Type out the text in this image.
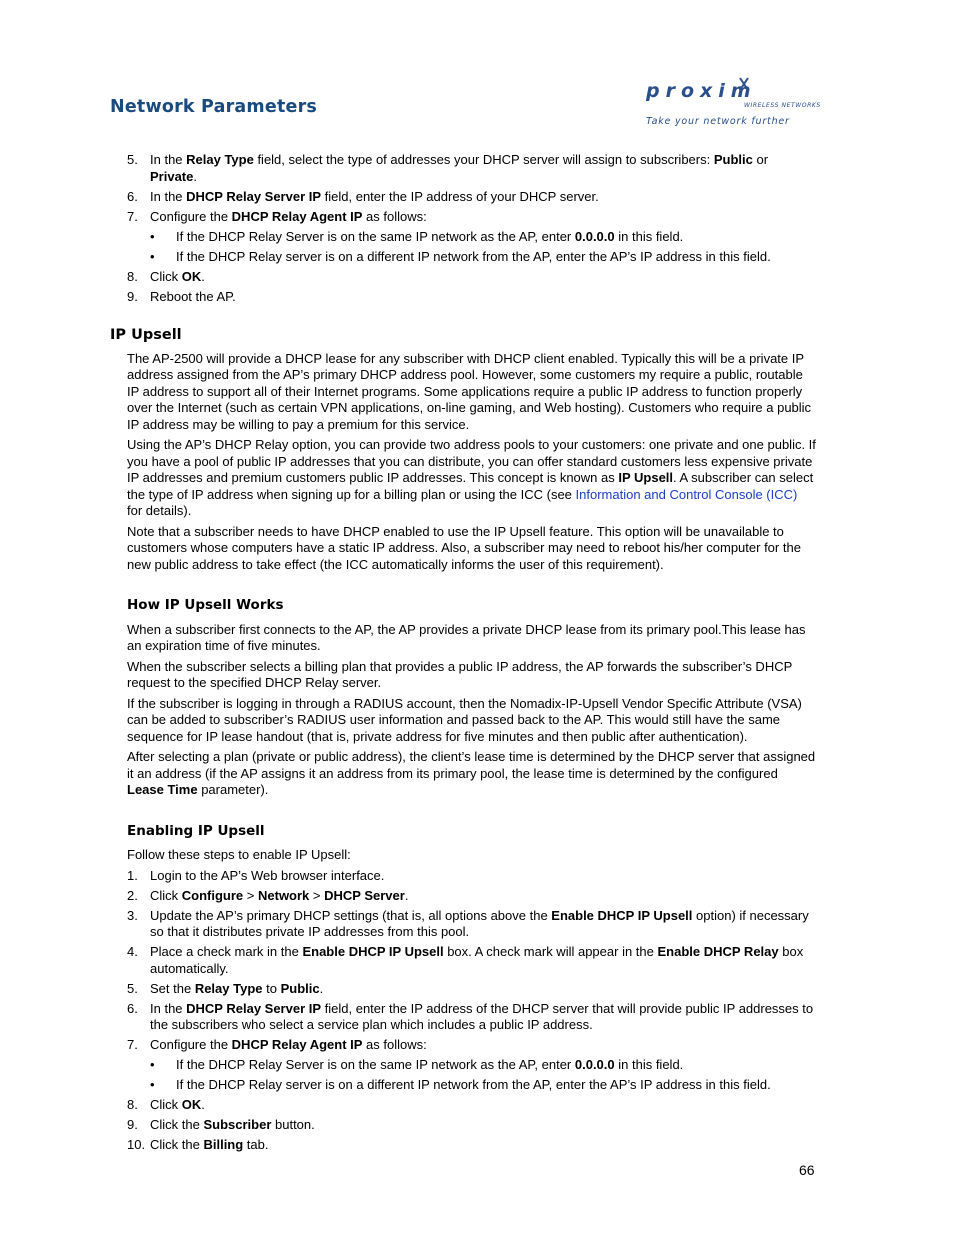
Network Parameters
proxim
WIRELESS NETWORKS
Take your network further
5. In the Relay Type field, select the type of addresses your DHCP server will assign to subscribers: Public or Private.
6. In the DHCP Relay Server IP field, enter the IP address of your DHCP server.
7. Configure the DHCP Relay Agent IP as follows:
• If the DHCP Relay Server is on the same IP network as the AP, enter 0.0.0.0 in this field.
• If the DHCP Relay server is on a different IP network from the AP, enter the AP’s IP address in this field.
8. Click OK.
9. Reboot the AP.
IP Upsell

The AP-2500 will provide a DHCP lease for any subscriber with DHCP client enabled. Typically this will be a private IP address assigned from the AP’s primary DHCP address pool. However, some customers my require a public, routable IP address to support all of their Internet programs. Some applications require a public IP address to function properly over the Internet (such as certain VPN applications, on-line gaming, and Web hosting). Customers who require a public IP address may be willing to pay a premium for this service.

Using the AP’s DHCP Relay option, you can provide two address pools to your customers: one private and one public. If you have a pool of public IP addresses that you can distribute, you can offer standard customers less expensive private IP addresses and premium customers public IP addresses. This concept is known as IP Upsell. A subscriber can select the type of IP address when signing up for a billing plan or using the ICC (see Information and Control Console (ICC) for details).

Note that a subscriber needs to have DHCP enabled to use the IP Upsell feature. This option will be unavailable to customers whose computers have a static IP address. Also, a subscriber may need to reboot his/her computer for the new public address to take effect (the ICC automatically informs the user of this requirement).

How IP Upsell Works

When a subscriber first connects to the AP, the AP provides a private DHCP lease from its primary pool.This lease has an expiration time of five minutes.

When the subscriber selects a billing plan that provides a public IP address, the AP forwards the subscriber’s DHCP request to the specified DHCP Relay server.

If the subscriber is logging in through a RADIUS account, then the Nomadix-IP-Upsell Vendor Specific Attribute (VSA) can be added to subscriber’s RADIUS user information and passed back to the AP. This would still have the same sequence for IP lease handout (that is, private address for five minutes and then public after authentication).

After selecting a plan (private or public address), the client’s lease time is determined by the DHCP server that assigned it an address (if the AP assigns it an address from its primary pool, the lease time is determined by the configured Lease Time parameter).

Enabling IP Upsell

Follow these steps to enable IP Upsell:

1. Login to the AP’s Web browser interface.
2. Click Configure > Network > DHCP Server.
3. Update the AP’s primary DHCP settings (that is, all options above the Enable DHCP IP Upsell option) if necessary so that it distributes private IP addresses from this pool.
4. Place a check mark in the Enable DHCP IP Upsell box. A check mark will appear in the Enable DHCP Relay box automatically.
5. Set the Relay Type to Public.
6. In the DHCP Relay Server IP field, enter the IP address of the DHCP server that will provide public IP addresses to the subscribers who select a service plan which includes a public IP address.
7. Configure the DHCP Relay Agent IP as follows:
• If the DHCP Relay Server is on the same IP network as the AP, enter 0.0.0.0 in this field.
• If the DHCP Relay server is on a different IP network from the AP, enter the AP’s IP address in this field.
8. Click OK.
9. Click the Subscriber button.
10. Click the Billing tab.
66
